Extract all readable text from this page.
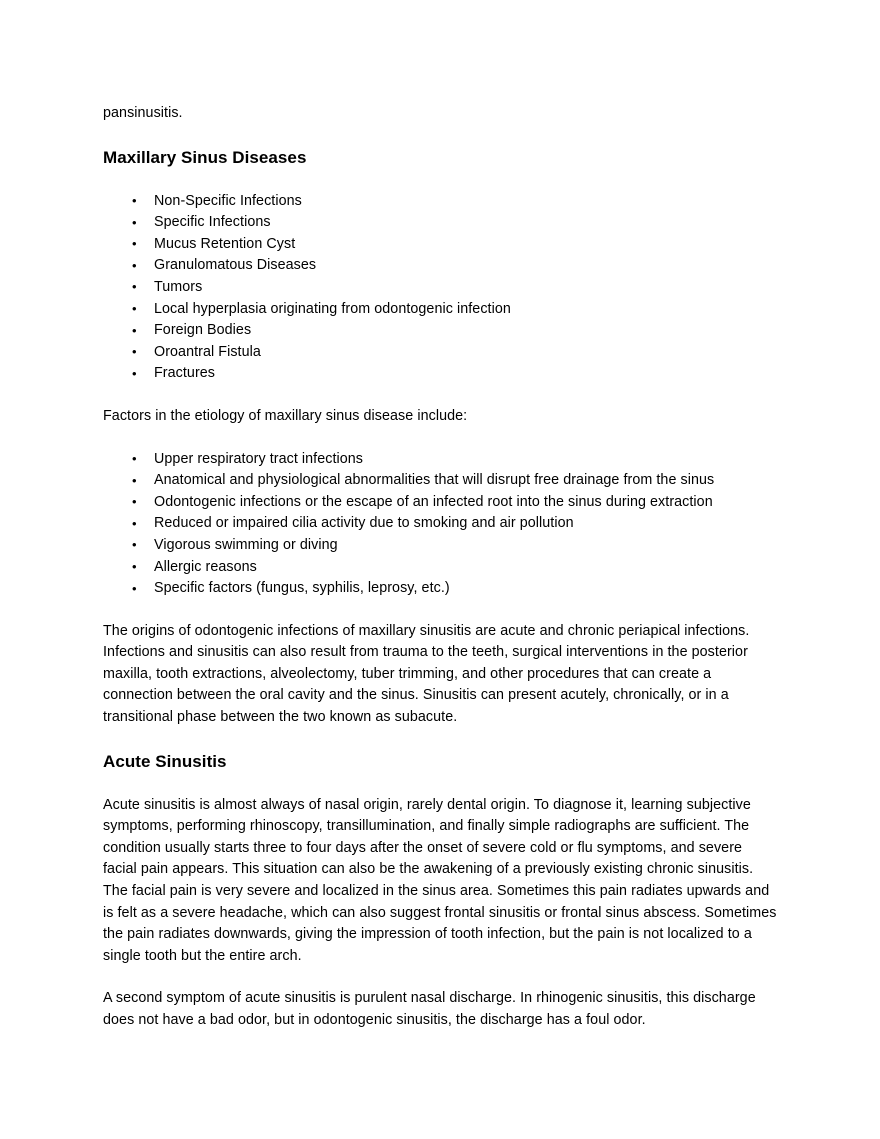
pansinusitis.

Maxillary Sinus Diseases
• Non-Specific Infections
• Specific Infections
• Mucus Retention Cyst
• Granulomatous Diseases
• Tumors
• Local hyperplasia originating from odontogenic infection
• Foreign Bodies
• Oroantral Fistula
• Fractures

Factors in the etiology of maxillary sinus disease include:

• Upper respiratory tract infections
• Anatomical and physiological abnormalities that will disrupt free drainage from the sinus
• Odontogenic infections or the escape of an infected root into the sinus during extraction
• Reduced or impaired cilia activity due to smoking and air pollution
• Vigorous swimming or diving
• Allergic reasons
• Specific factors (fungus, syphilis, leprosy, etc.)

The origins of odontogenic infections of maxillary sinusitis are acute and chronic periapical infections. Infections and sinusitis can also result from trauma to the teeth, surgical interventions in the posterior maxilla, tooth extractions, alveolectomy, tuber trimming, and other procedures that can create a connection between the oral cavity and the sinus. Sinusitis can present acutely, chronically, or in a transitional phase between the two known as subacute.

Acute Sinusitis

Acute sinusitis is almost always of nasal origin, rarely dental origin. To diagnose it, learning subjective symptoms, performing rhinoscopy, transillumination, and finally simple radiographs are sufficient. The condition usually starts three to four days after the onset of severe cold or flu symptoms, and severe facial pain appears. This situation can also be the awakening of a previously existing chronic sinusitis. The facial pain is very severe and localized in the sinus area. Sometimes this pain radiates upwards and is felt as a severe headache, which can also suggest frontal sinusitis or frontal sinus abscess. Sometimes the pain radiates downwards, giving the impression of tooth infection, but the pain is not localized to a single tooth but the entire arch.

A second symptom of acute sinusitis is purulent nasal discharge. In rhinogenic sinusitis, this discharge does not have a bad odor, but in odontogenic sinusitis, the discharge has a foul odor.
